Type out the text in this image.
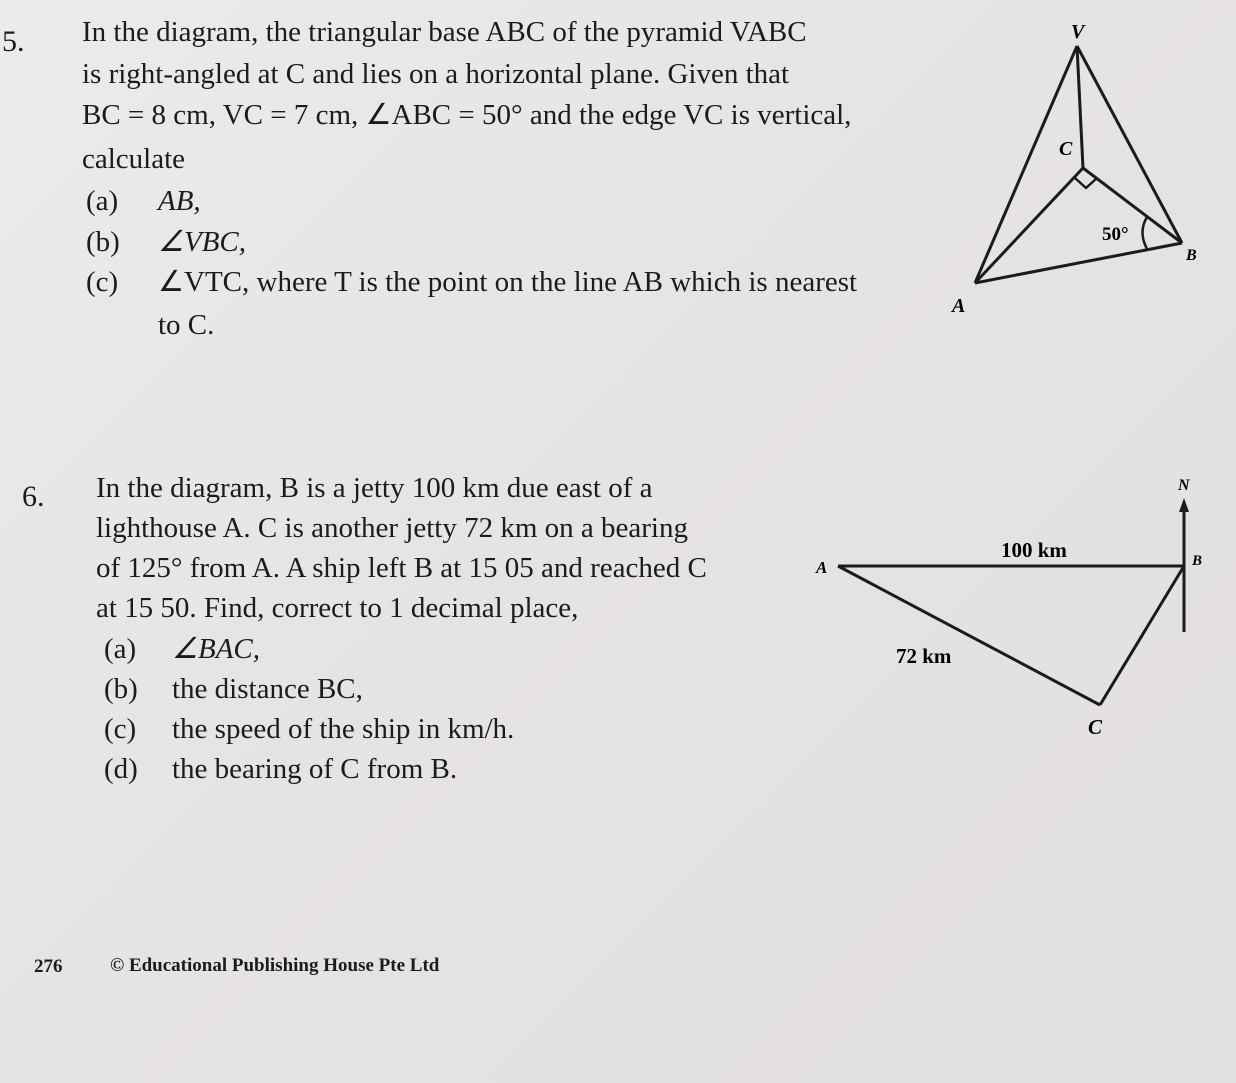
5. In the diagram, the triangular base ABC of the pyramid VABC
is right-angled at C and lies on a horizontal plane. Given that
BC = 8 cm, VC = 7 cm, ∠ABC = 50° and the edge VC is vertical,
calculate
(a) AB,
(b) ∠VBC,
(c) ∠VTC, where T is the point on the line AB which is nearest
to C.
V
C
50°
B
A
6. In the diagram, B is a jetty 100 km due east of a
lighthouse A. C is another jetty 72 km on a bearing
of 125° from A. A ship left B at 15 05 and reached C
at 15 50. Find, correct to 1 decimal place,
(a) ∠BAC,
(b) the distance BC,
(c) the speed of the ship in km/h.
(d) the bearing of C from B.
N
A	B
C
100 km
72 km
276	© Educational Publishing House Pte Ltd
